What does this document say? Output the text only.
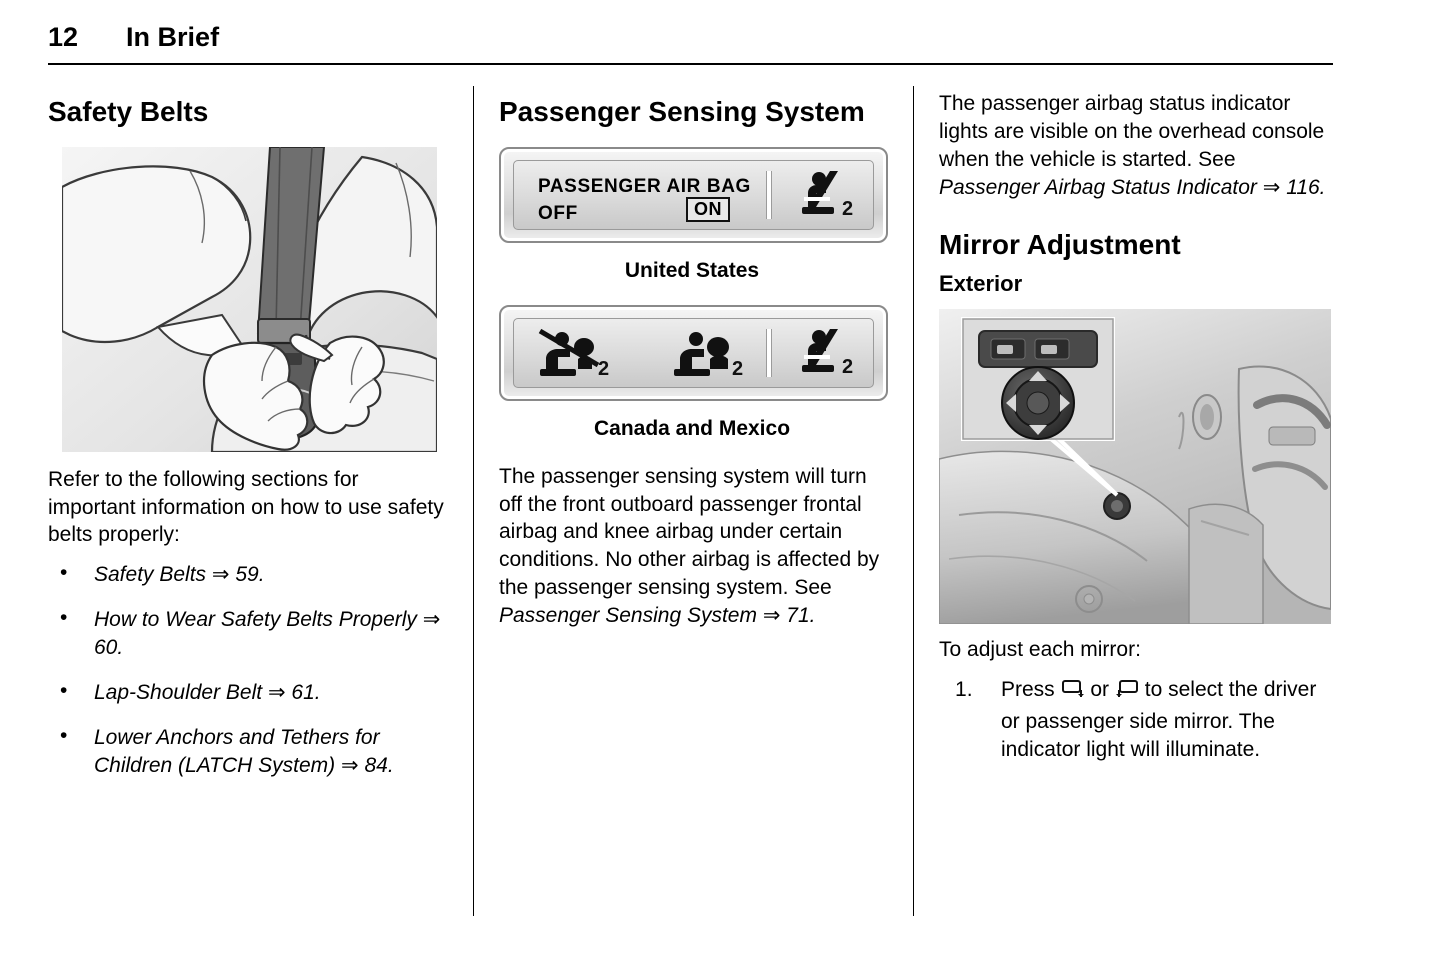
12 In Brief
Safety Belts

Refer to the following sections for important information on how to use safety belts properly:

• Safety Belts ⇒ 59.
• How to Wear Safety Belts Properly ⇒ 60.
• Lap-Shoulder Belt ⇒ 61.
• Lower Anchors and Tethers for Children (LATCH System) ⇒ 84.
Passenger Sensing System
PASSENGER AIR BAG
OFF	ON	2
United States
2	2	2
Canada and Mexico

The passenger sensing system will turn off the front outboard passenger frontal airbag and knee airbag under certain conditions. No other airbag is affected by the passenger sensing system. See Passenger Sensing System ⇒ 71.

The passenger airbag status indicator lights are visible on the overhead console when the vehicle is started. See Passenger Airbag Status Indicator ⇒ 116.

Mirror Adjustment
Exterior

To adjust each mirror:

Press or to select the driver or passenger side mirror. The indicator light will illuminate.
